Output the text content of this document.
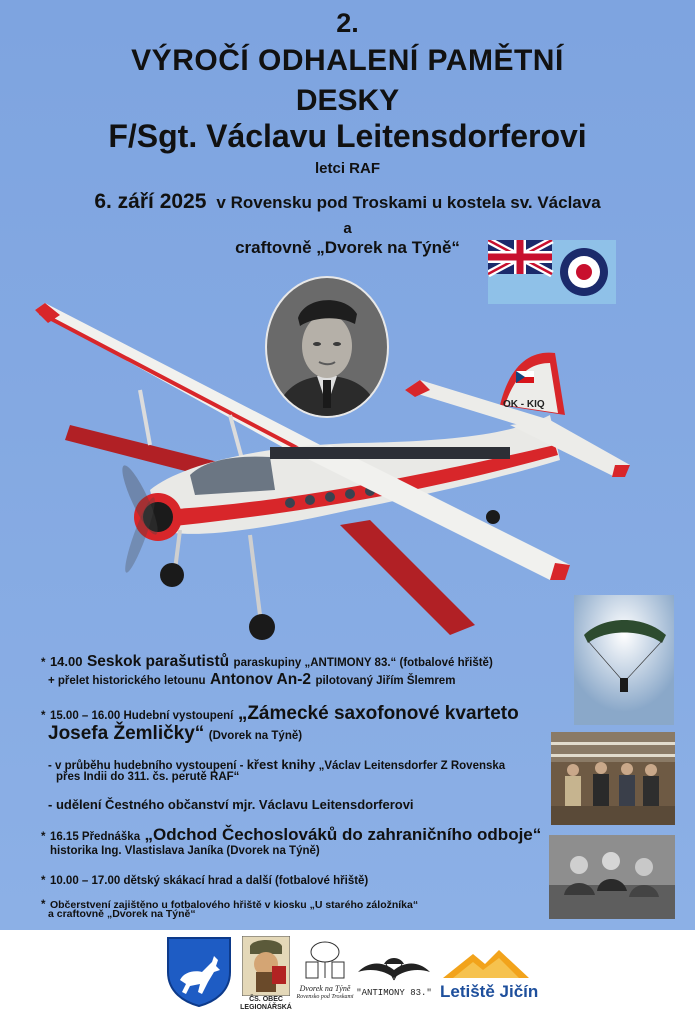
2.
VÝROČÍ ODHALENÍ PAMĚTNÍ
DESKY
F/Sgt. Václavu Leitensdorferovi
letci RAF
6. září 2025 v Rovensku pod Troskami u kostela sv. Václava
a
craftovně „Dvorek na Týně“
OK - KIQ
* 14.00 Seskok parašutistů paraskupiny „ANTIMONY 83.“ (fotbalové hřiště)
+ přelet historického letounu Antonov An-2 pilotovaný Jiřím Šlemrem
* 15.00 – 16.00 Hudební vystoupení „Zámecké saxofonové kvarteto
Josefa Žemličky“ (Dvorek na Týně)
- v průběhu hudebního vystoupení - křest knihy „Václav Leitensdorfer Z Rovenska
přes Indii do 311. čs. perutě RAF“
- udělení Čestného občanství mjr. Václavu Leitensdorferovi
* 16.15 Přednáška „Odchod Čechoslováků do zahraničního odboje“
historika Ing. Vlastislava Janíka (Dvorek na Týně)
* 10.00 – 17.00 dětský skákací hrad a další (fotbalové hřiště)
* Občerstvení zajištěno u fotbalového hřiště v kiosku „U starého záložníka“
a craftovně „Dvorek na Týně“
ČS. OBEC
LEGIONÁŘSKÁ
Dvorek na Týně
Rovensko pod Troskami "ANTIMONY 83." Letiště Jičín
